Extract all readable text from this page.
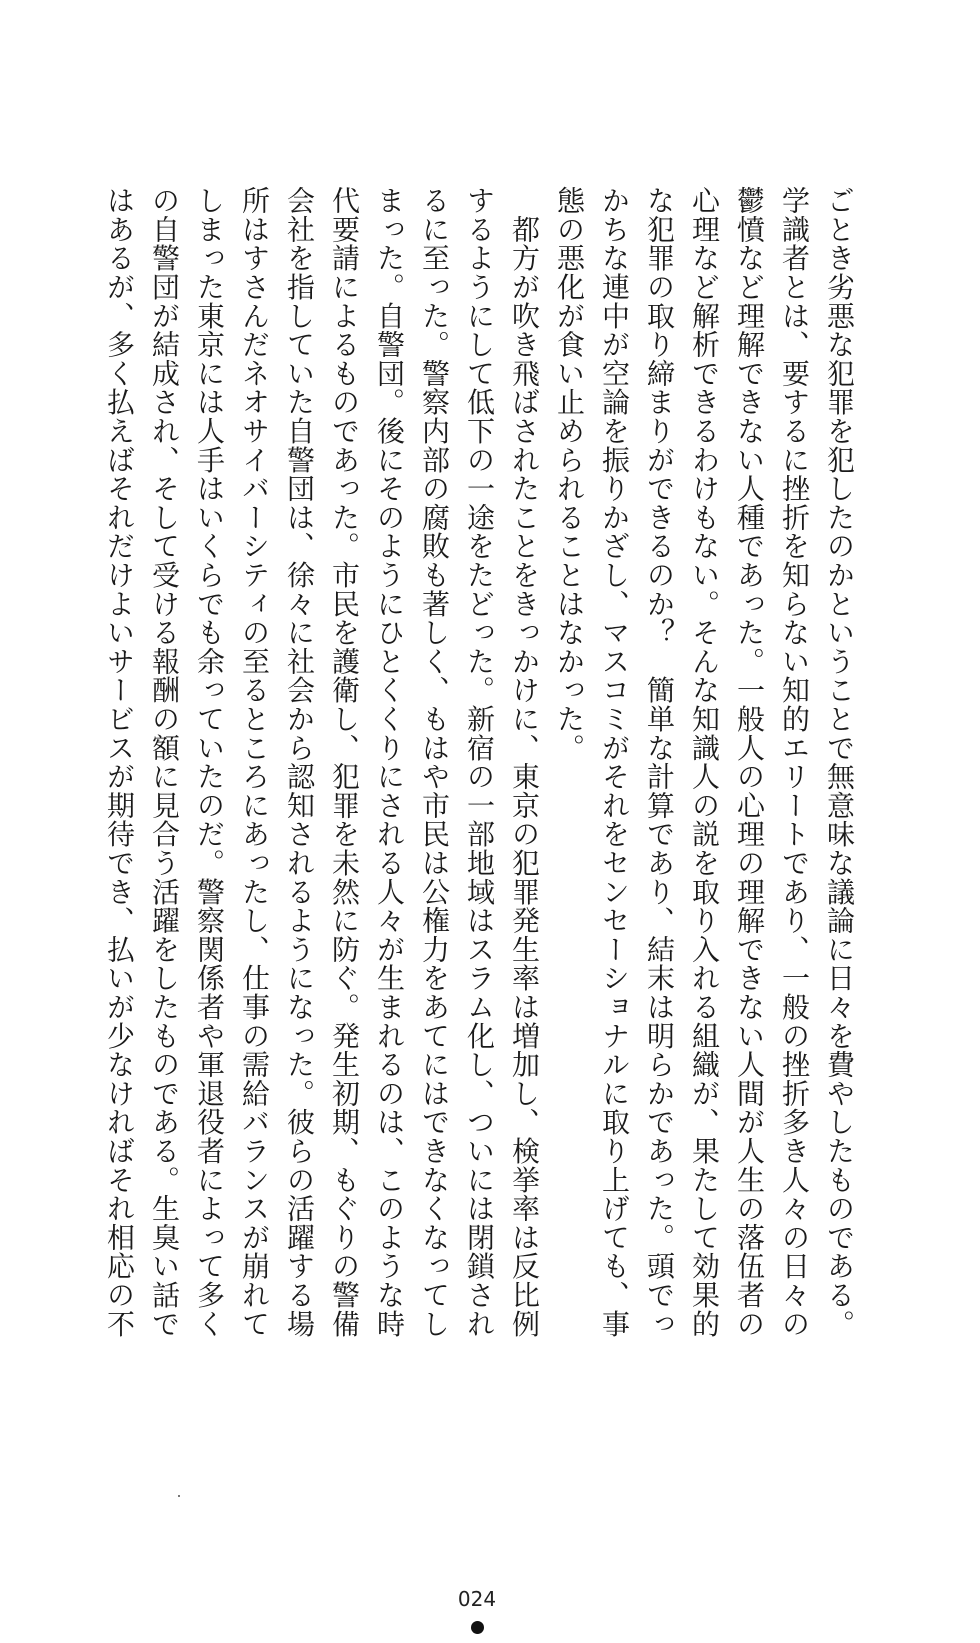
ごとき劣悪な犯罪を犯したのかということで無意味な議論に日々を費やしたものである。
学識者とは、要するに挫折を知らない知的エリートであり、一般の挫折多き人々の日々の
鬱憤など理解できない人種であった。一般人の心理の理解できない人間が人生の落伍者の
心理など解析できるわけもない。そんな知識人の説を取り入れる組織が、果たして効果的
な犯罪の取り締まりができるのか？　簡単な計算であり、結末は明らかであった。頭でっ
かちな連中が空論を振りかざし、マスコミがそれをセンセーショナルに取り上げても、事
態の悪化が食い止められることはなかった。
　都方が吹き飛ばされたことをきっかけに、東京の犯罪発生率は増加し、検挙率は反比例
するようにして低下の一途をたどった。新宿の一部地域はスラム化し、ついには閉鎖され
るに至った。警察内部の腐敗も著しく、もはや市民は公権力をあてにはできなくなってし
まった。自警団。後にそのようにひとくくりにされる人々が生まれるのは、このような時
代要請によるものであった。市民を護衛し、犯罪を未然に防ぐ。発生初期、もぐりの警備
会社を指していた自警団は、徐々に社会から認知されるようになった。彼らの活躍する場
所はすさんだネオサイバーシティの至るところにあったし、仕事の需給バランスが崩れて
しまった東京には人手はいくらでも余っていたのだ。警察関係者や軍退役者によって多く
の自警団が結成され、そして受ける報酬の額に見合う活躍をしたものである。生臭い話で
はあるが、多く払えばそれだけよいサービスが期待でき、払いが少なければそれ相応の不
024
